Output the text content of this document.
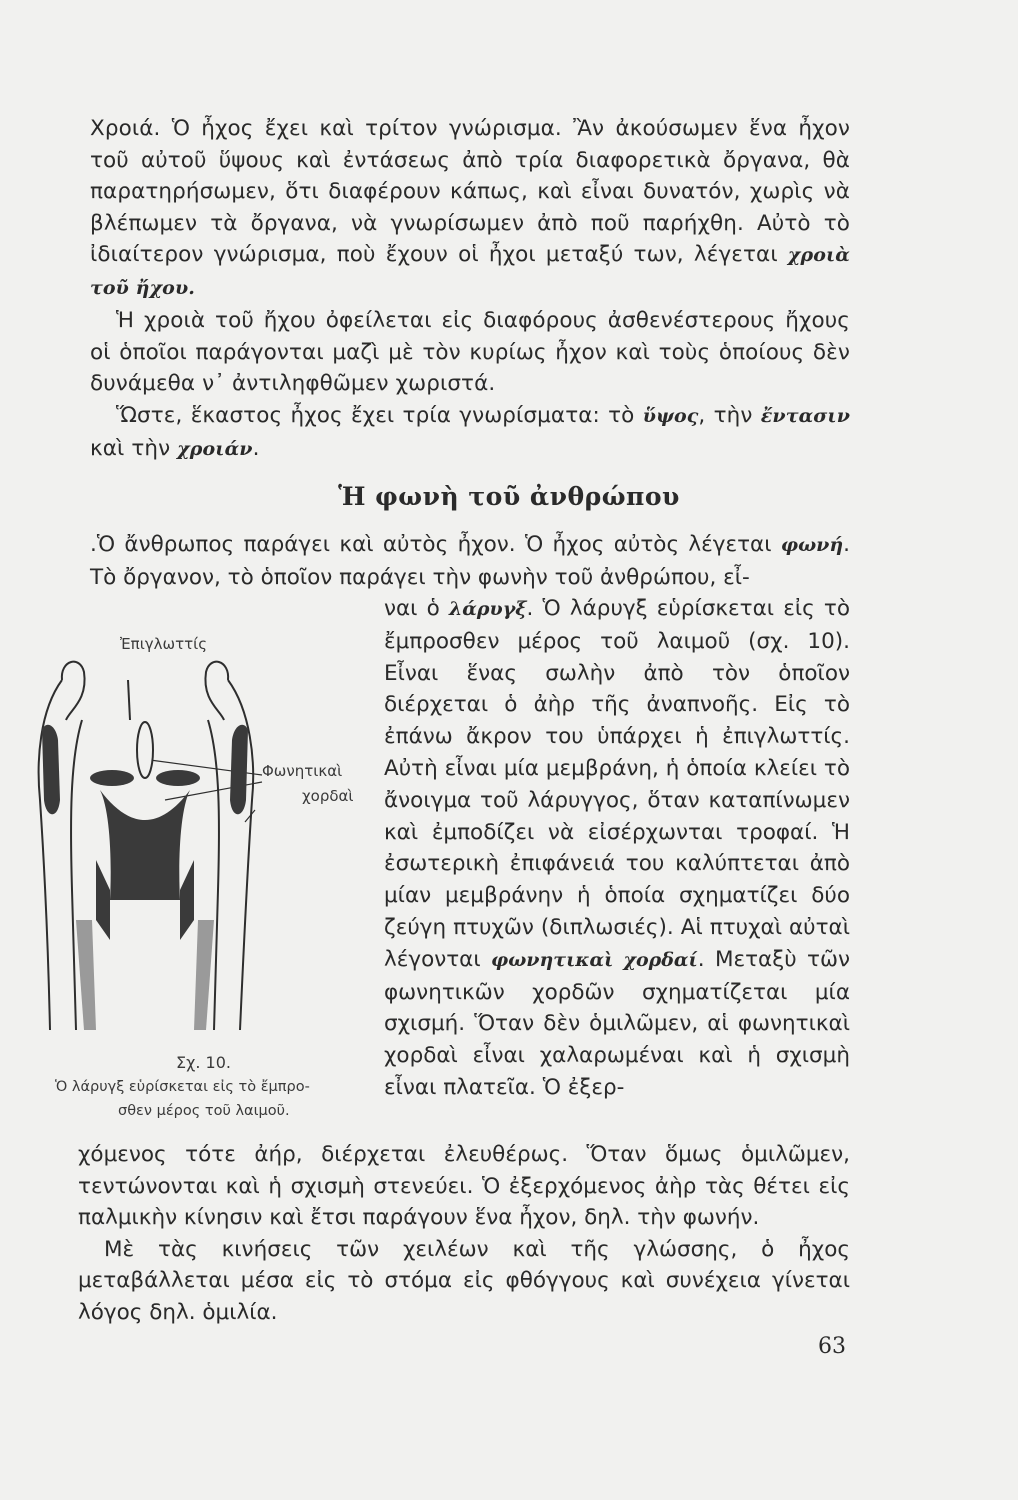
Χροιά. Ὁ ἦχος ἔχει καὶ τρίτον γνώρισμα. Ἂν ἀκούσωμεν ἕνα ἦχον τοῦ αὐτοῦ ὕψους καὶ ἐντάσεως ἀπὸ τρία διαφορετικὰ ὄργανα, θὰ παρατηρήσωμεν, ὅτι διαφέρουν κάπως, καὶ εἶναι δυνατόν, χωρὶς νὰ βλέπωμεν τὰ ὄργανα, νὰ γνωρίσωμεν ἀπὸ ποῦ παρήχθη. Αὐτὸ τὸ ἰδιαίτερον γνώρισμα, ποὺ ἔχουν οἱ ἦχοι μεταξύ των, λέγεται χροιὰ τοῦ ἤχου.

Ἡ χροιὰ τοῦ ἤχου ὀφείλεται εἰς διαφόρους ἀσθενέστερους ἤχους οἱ ὁποῖοι παράγονται μαζὶ μὲ τὸν κυρίως ἦχον καὶ τοὺς ὁποίους δὲν δυνάμεθα ν᾿ ἀντιληφθῶμεν χωριστά.

Ὥστε, ἕκαστος ἦχος ἔχει τρία γνωρίσματα: τὸ ὕψος, τὴν ἔντασιν καὶ τὴν χροιάν.

Ἡ φωνὴ τοῦ ἀνθρώπου
.Ὁ ἄνθρωπος παράγει καὶ αὐτὸς ἦχον. Ὁ ἦχος αὐτὸς λέγεται φωνή. Τὸ ὄργανον, τὸ ὁποῖον παράγει τὴν φωνὴν τοῦ ἀνθρώπου, εἶ-
ναι ὁ λάρυγξ. Ὁ λάρυγξ εὑρίσκεται εἰς τὸ ἔμπροσθεν μέρος τοῦ λαιμοῦ (σχ. 10). Εἶναι ἕνας σωλὴν ἀπὸ τὸν ὁποῖον διέρχεται ὁ ἀὴρ τῆς ἀναπνοῆς. Εἰς τὸ ἐπάνω ἄκρον του ὑπάρχει ἡ ἐπιγλωττίς. Αὐτὴ εἶναι μία μεμβράνη, ἡ ὁποία κλείει τὸ ἄνοιγμα τοῦ λάρυγγος, ὅταν καταπίνωμεν καὶ ἐμποδίζει νὰ εἰσέρχωνται τροφαί. Ἡ ἐσωτερικὴ ἐπιφάνειά του καλύπτεται ἀπὸ μίαν μεμβράνην ἡ ὁποία σχηματίζει δύο ζεύγη πτυχῶν (διπλωσιές). Αἱ πτυχαὶ αὐταὶ λέγονται φωνητικαὶ χορδαί. Μεταξὺ τῶν φωνητικῶν χορδῶν σχηματίζεται μία σχισμή. Ὅταν δὲν ὁμιλῶμεν, αἱ φωνητικαὶ χορδαὶ εἶναι χαλαρωμέναι καὶ ἡ σχισμὴ εἶναι πλατεῖα. Ὁ ἐξερ-
Ἐπιγλωττίς
Φωνητικαὶ
χορδαὶ
Σχ. 10.
Ὁ λάρυγξ εὑρίσκεται εἰς τὸ ἔμπρο-
σθεν μέρος τοῦ λαιμοῦ.

χόμενος τότε ἀήρ, διέρχεται ἐλευθέρως. Ὅταν ὅμως ὁμιλῶμεν, τεντώνονται καὶ ἡ σχισμὴ στενεύει. Ὁ ἐξερχόμενος ἀὴρ τὰς θέτει εἰς παλμικὴν κίνησιν καὶ ἔτσι παράγουν ἕνα ἦχον, δηλ. τὴν φωνήν.

Μὲ τὰς κινήσεις τῶν χειλέων καὶ τῆς γλώσσης, ὁ ἦχος μεταβάλλεται μέσα εἰς τὸ στόμα εἰς φθόγγους καὶ συνέχεια γίνεται λόγος δηλ. ὁμιλία.

63
